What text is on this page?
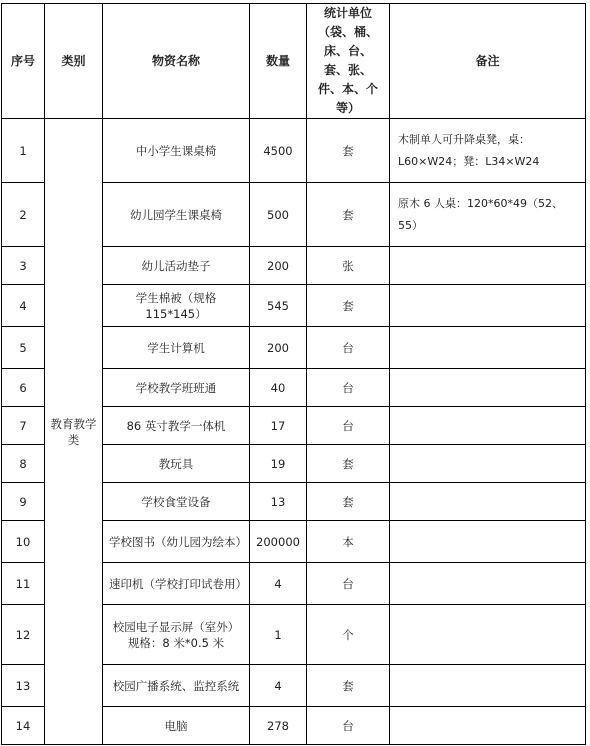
序号	类别	物资名称	数量	统计单位（袋、桶、床、台、套、张、件、本、个等）	备注
1	教育教学类	中小学生课桌椅	4500	套	木制单人可升降桌凳，桌：L60×W24；凳：L34×W24
2		幼儿园学生课桌椅	500	套	原木 6 人桌：120*60*49（52、55）
3		幼儿活动垫子	200	张	
4		学生棉被（规格 115*145）	545	套	
5		学生计算机	200	台	
6		学校教学班班通	40	台	
7		86 英寸教学一体机	17	台	
8		教玩具	19	套	
9		学校食堂设备	13	套	
10		学校图书（幼儿园为绘本）	200000	本	
11		速印机（学校打印试卷用）	4	台	
12		校园电子显示屏（室外）规格：8 米*0.5 米	1	个	
13		校园广播系统、监控系统	4	套	
14		电脑	278	台	
